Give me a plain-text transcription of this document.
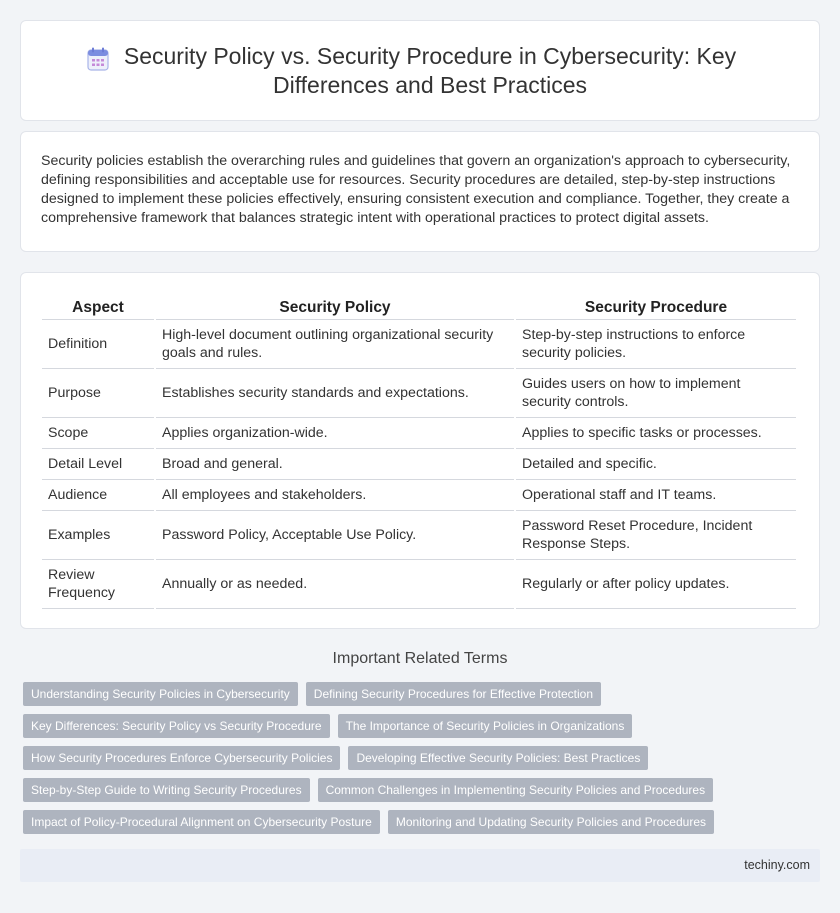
Security Policy vs. Security Procedure in Cybersecurity: Key Differences and Best Practices

Security policies establish the overarching rules and guidelines that govern an organization's approach to cybersecurity, defining responsibilities and acceptable use for resources. Security procedures are detailed, step-by-step instructions designed to implement these policies effectively, ensuring consistent execution and compliance. Together, they create a comprehensive framework that balances strategic intent with operational practices to protect digital assets.

Aspect	Security Policy	Security Procedure
Definition	High-level document outlining organizational security goals and rules.	Step-by-step instructions to enforce security policies.
Purpose	Establishes security standards and expectations.	Guides users on how to implement security controls.
Scope	Applies organization-wide.	Applies to specific tasks or processes.
Detail Level	Broad and general.	Detailed and specific.
Audience	All employees and stakeholders.	Operational staff and IT teams.
Examples	Password Policy, Acceptable Use Policy.	Password Reset Procedure, Incident Response Steps.
Review Frequency	Annually or as needed.	Regularly or after policy updates.
Important Related Terms
Understanding Security Policies in Cybersecurity	Defining Security Procedures for Effective Protection
Key Differences: Security Policy vs Security Procedure	The Importance of Security Policies in Organizations
How Security Procedures Enforce Cybersecurity Policies	Developing Effective Security Policies: Best Practices
Step-by-Step Guide to Writing Security Procedures	Common Challenges in Implementing Security Policies and Procedures
Impact of Policy-Procedural Alignment on Cybersecurity Posture	Monitoring and Updating Security Policies and Procedures
techiny.com
